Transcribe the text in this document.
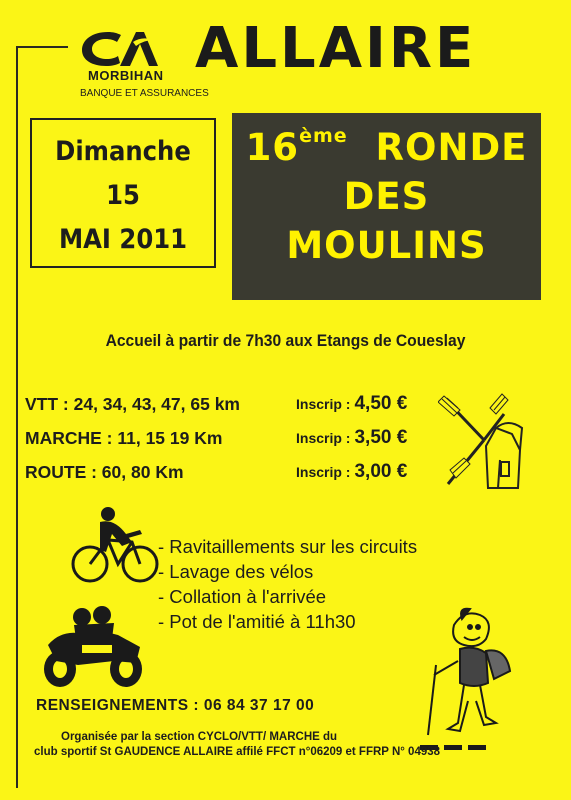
MORBIHAN
BANQUE ET ASSURANCES
ALLAIRE
Dimanche
15
MAI 2011
16ème RONDE
DES
MOULINS
Accueil à partir de 7h30 aux Etangs de Coueslay
VTT : 24, 34, 43, 47, 65 km	Inscrip : 4,50 €
MARCHE : 11, 15 19 Km	Inscrip : 3,50 €
ROUTE : 60, 80 Km	Inscrip : 3,00 €
- Ravitaillements sur les circuits
- Lavage des vélos
- Collation à l'arrivée
- Pot de l'amitié à 11h30
RENSEIGNEMENTS : 06 84 37 17 00
Organisée par la section CYCLO/VTT/ MARCHE du
club sportif St GAUDENCE ALLAIRE affilé FFCT n°06209 et FFRP N° 04938
